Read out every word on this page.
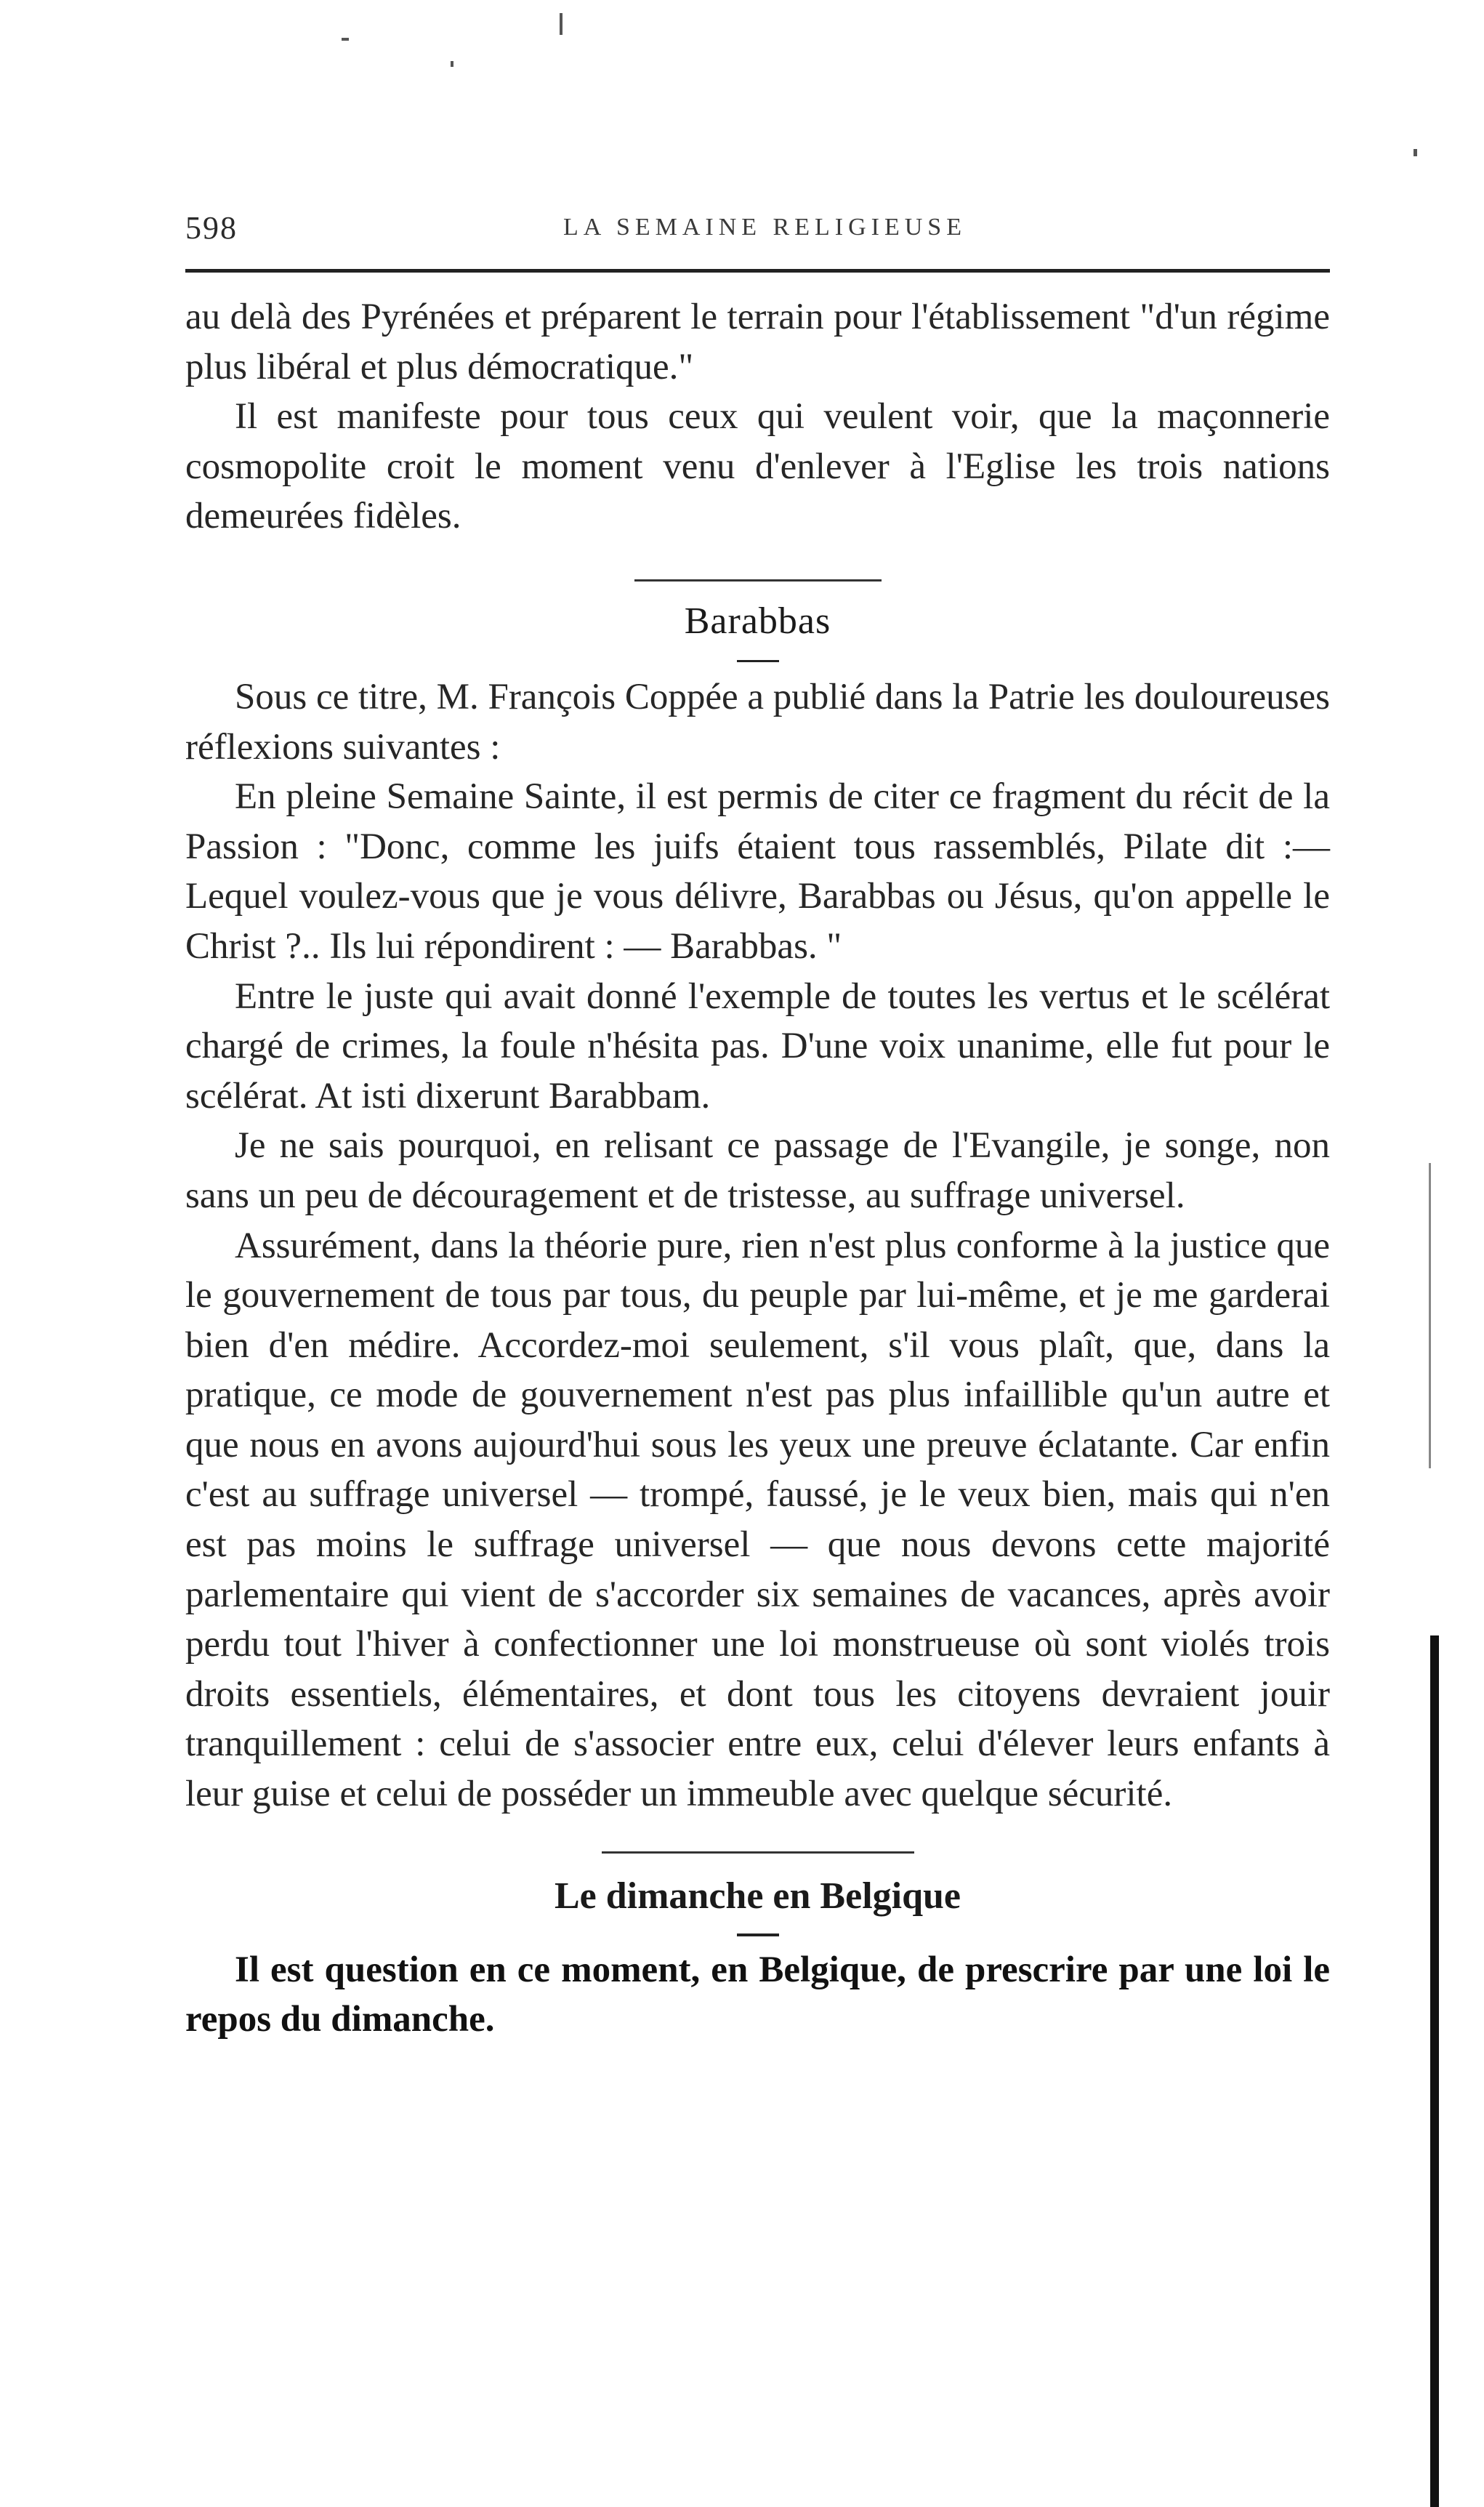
598	LA SEMAINE RELIGIEUSE

au delà des Pyrénées et préparent le terrain pour l'établissement "d'un régime plus libéral et plus démocratique."

Il est manifeste pour tous ceux qui veulent voir, que la maçonnerie cosmopolite croit le moment venu d'enlever à l'Eglise les trois nations demeurées fidèles.

Barabbas

Sous ce titre, M. François Coppée a publié dans la Patrie les douloureuses réflexions suivantes :

En pleine Semaine Sainte, il est permis de citer ce fragment du récit de la Passion : "Donc, comme les juifs étaient tous rassemblés, Pilate dit :—Lequel voulez-vous que je vous délivre, Barabbas ou Jésus, qu'on appelle le Christ ?.. Ils lui répondirent : — Barabbas. "

Entre le juste qui avait donné l'exemple de toutes les vertus et le scélérat chargé de crimes, la foule n'hésita pas. D'une voix unanime, elle fut pour le scélérat. At isti dixerunt Barabbam.

Je ne sais pourquoi, en relisant ce passage de l'Evangile, je songe, non sans un peu de découragement et de tristesse, au suffrage universel.

Assurément, dans la théorie pure, rien n'est plus conforme à la justice que le gouvernement de tous par tous, du peuple par lui-même, et je me garderai bien d'en médire. Accordez-moi seulement, s'il vous plaît, que, dans la pratique, ce mode de gouvernement n'est pas plus infaillible qu'un autre et que nous en avons aujourd'hui sous les yeux une preuve éclatante. Car enfin c'est au suffrage universel — trompé, faussé, je le veux bien, mais qui n'en est pas moins le suffrage universel — que nous devons cette majorité parlementaire qui vient de s'accorder six semaines de vacances, après avoir perdu tout l'hiver à confectionner une loi monstrueuse où sont violés trois droits essentiels, élémentaires, et dont tous les citoyens devraient jouir tranquillement : celui de s'associer entre eux, celui d'élever leurs enfants à leur guise et celui de posséder un immeuble avec quelque sécurité.

Le dimanche en Belgique

Il est question en ce moment, en Belgique, de prescrire par une loi le repos du dimanche.
